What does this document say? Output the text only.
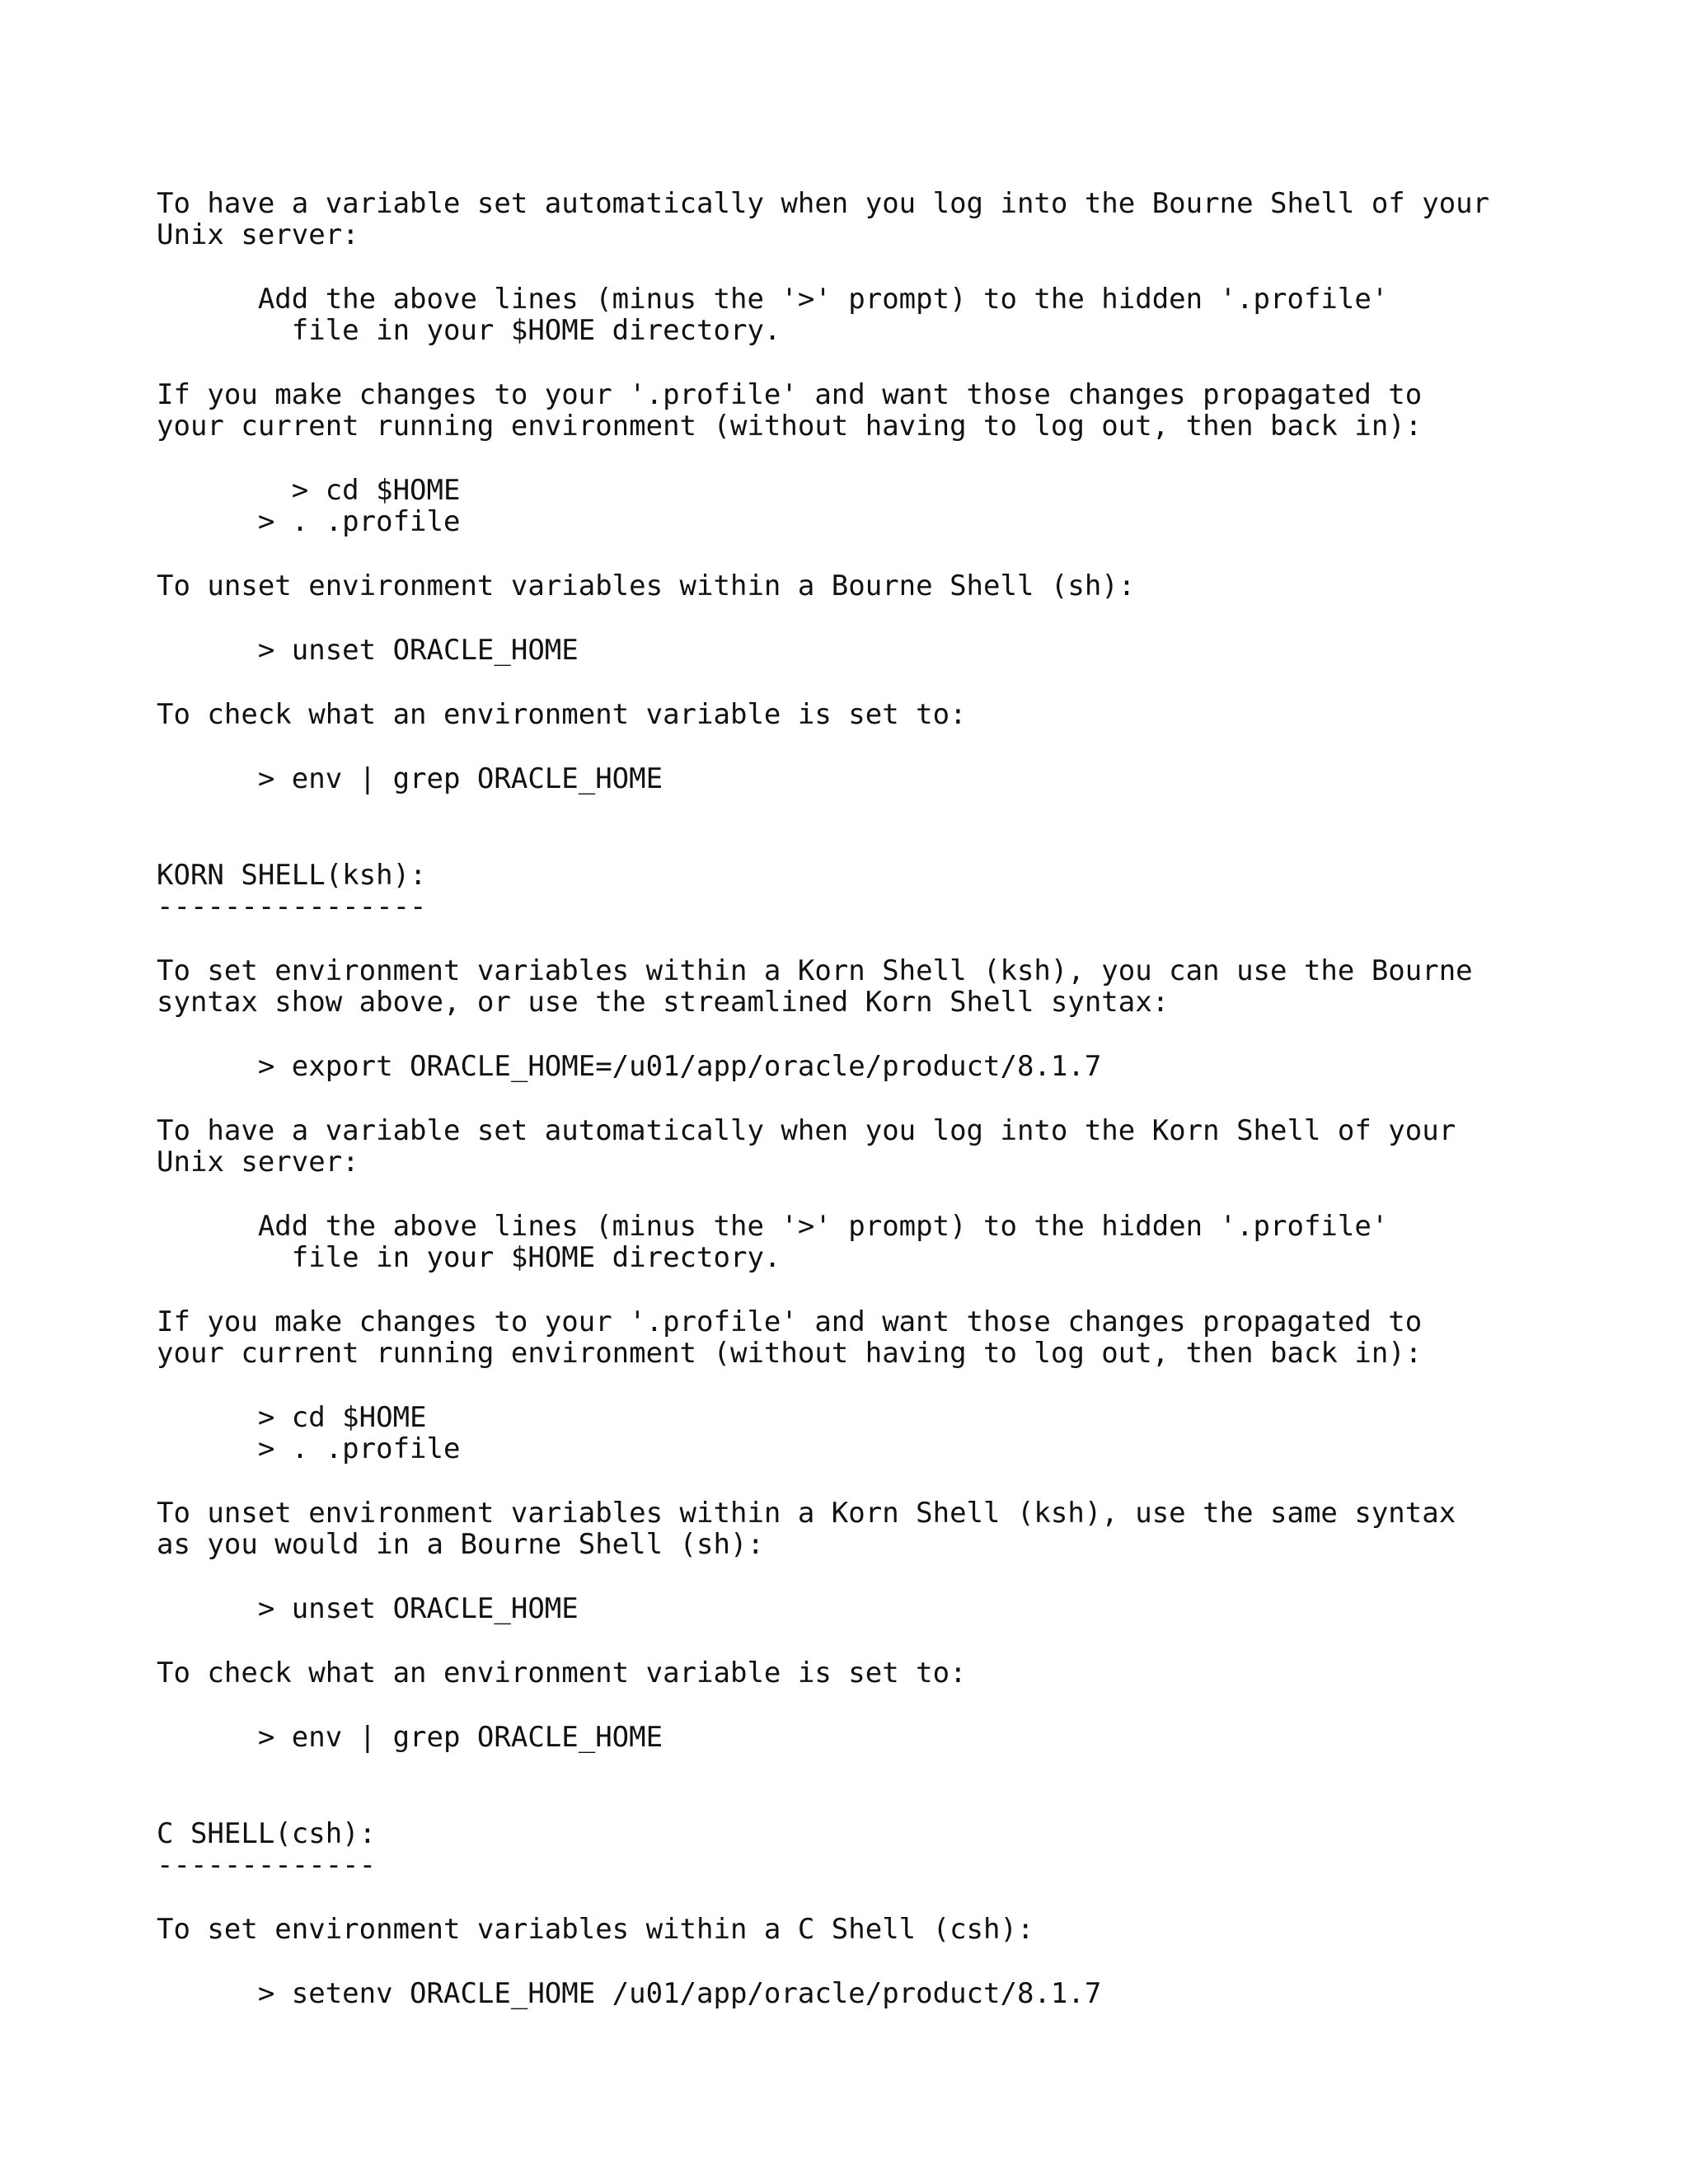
To have a variable set automatically when you log into the Bourne Shell of your
Unix server:
Add the above lines (minus the '>' prompt) to the hidden '.profile'
file in your $HOME directory.
If you make changes to your '.profile' and want those changes propagated to
your current running environment (without having to log out, then back in):
> cd $HOME
> . .profile
To unset environment variables within a Bourne Shell (sh):
> unset ORACLE_HOME
To check what an environment variable is set to:
> env | grep ORACLE_HOME
KORN SHELL(ksh):
----------------
To set environment variables within a Korn Shell (ksh), you can use the Bourne
syntax show above, or use the streamlined Korn Shell syntax:
> export ORACLE_HOME=/u01/app/oracle/product/8.1.7
To have a variable set automatically when you log into the Korn Shell of your
Unix server:
Add the above lines (minus the '>' prompt) to the hidden '.profile'
file in your $HOME directory.
If you make changes to your '.profile' and want those changes propagated to
your current running environment (without having to log out, then back in):
> cd $HOME
> . .profile
To unset environment variables within a Korn Shell (ksh), use the same syntax
as you would in a Bourne Shell (sh):
> unset ORACLE_HOME
To check what an environment variable is set to:
> env | grep ORACLE_HOME
C SHELL(csh):
-------------
To set environment variables within a C Shell (csh):
> setenv ORACLE_HOME /u01/app/oracle/product/8.1.7
